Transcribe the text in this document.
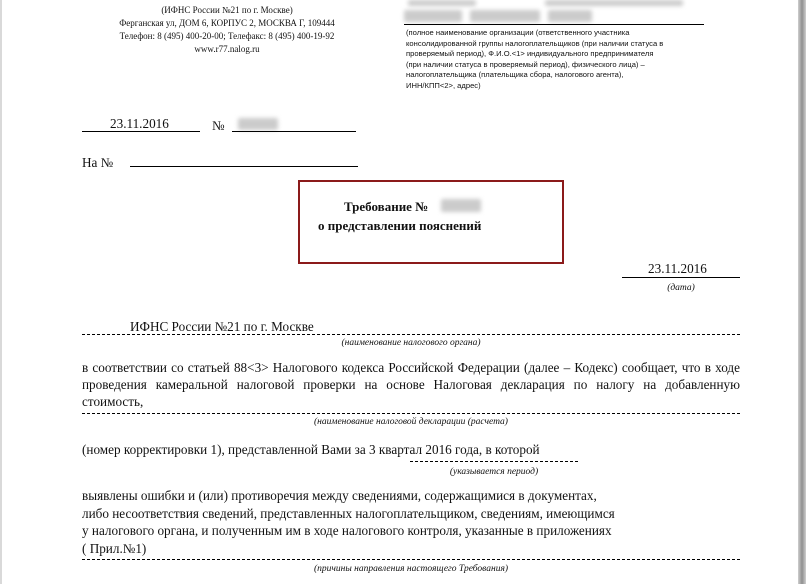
(ИФНС России №21 по г. Москве)
Ферганская ул, ДОМ 6, КОРПУС 2, МОСКВА Г, 109444
Телефон: 8 (495) 400-20-00; Телефакс: 8 (495) 400-19-92
www.r77.nalog.ru
(полное наименование организации (ответственного участника
консолидированной группы налогоплательщиков (при наличии статуса в
проверяемый период), Ф.И.О.<1> индивидуального предпринимателя
(при наличии статуса в проверяемый период), физического лица) –
налогоплательщика (плательщика сбора, налогового агента),
ИНН/КПП<2>, адрес)
23.11.2016	№
На №
Требование №
о представлении пояснений
23.11.2016
(дата)
ИФНС России №21 по г. Москве
(наименование налогового органа)
в соответствии со статьей 88<3> Налогового кодекса Российской Федерации (далее – Кодекс) сообщает, что в ходе проведения камеральной налоговой проверки на основе Налоговая декларация по налогу на добавленную стоимость,
(наименование налоговой декларации (расчета)
(номер корректировки 1), представленной Вами за 3 квартал 2016 года, в которой
(указывается период)
выявлены ошибки и (или) противоречия между сведениями, содержащимися в документах,
либо несоответствия сведений, представленных налогоплательщиком, сведениям, имеющимся
у налогового органа, и полученным им в ходе налогового контроля, указанные в приложениях
( Прил.№1)
(причины направления настоящего Требования)
